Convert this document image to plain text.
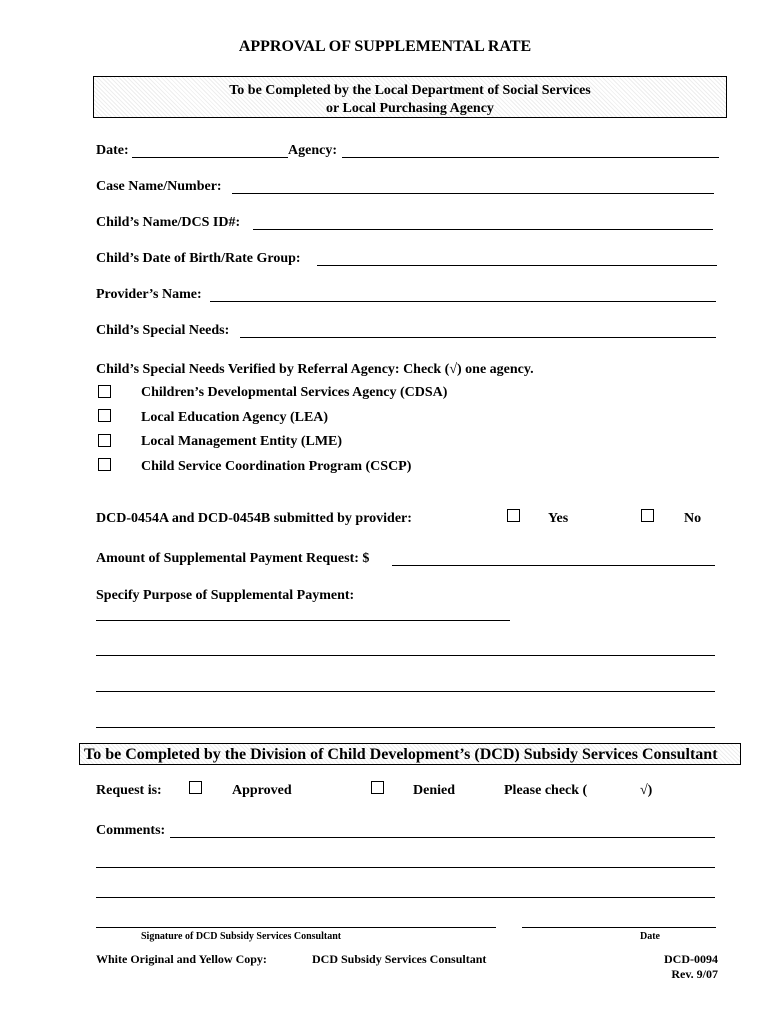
APPROVAL OF SUPPLEMENTAL RATE
To be Completed by the Local Department of Social Services
or Local Purchasing Agency
Date:	Agency:
Case Name/Number:
Child’s Name/DCS ID#:
Child’s Date of Birth/Rate Group:
Provider’s Name:
Child’s Special Needs:
Child’s Special Needs Verified by Referral Agency: Check (√) one agency.
Children’s Developmental Services Agency (CDSA)
Local Education Agency (LEA)
Local Management Entity (LME)
Child Service Coordination Program (CSCP)
DCD-0454A and DCD-0454B submitted by provider:	Yes	No
Amount of Supplemental Payment Request: $
Specify Purpose of Supplemental Payment:
To be Completed by the Division of Child Development’s (DCD) Subsidy Services Consultant
Request is:	Approved	Denied	Please check (	√)
Comments:
Signature of DCD Subsidy Services Consultant	Date
White Original and Yellow Copy:	DCD Subsidy Services Consultant	DCD-0094
Rev. 9/07
